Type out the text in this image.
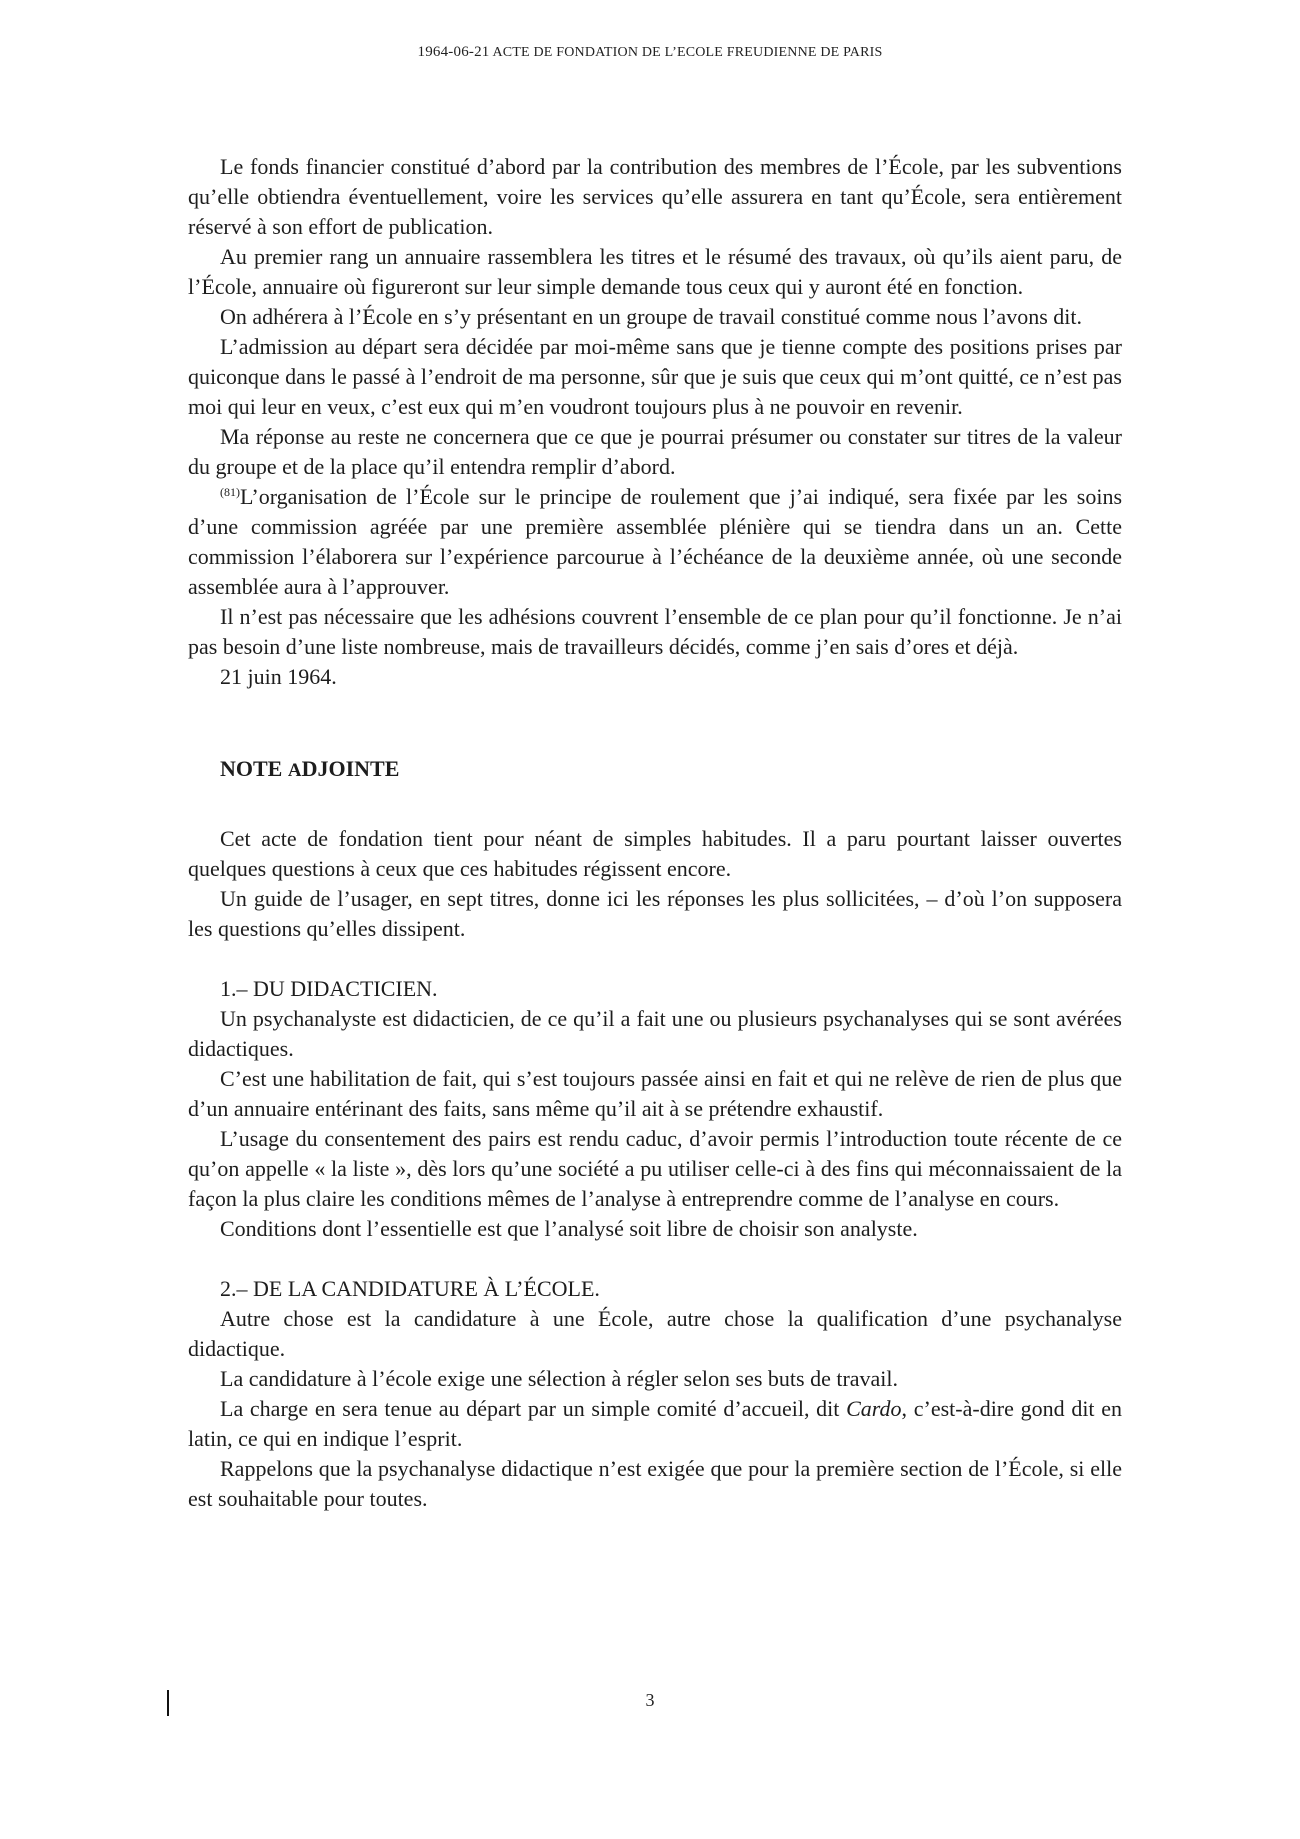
1964-06-21 ACTE DE FONDATION DE L’ECOLE FREUDIENNE DE PARIS

Le fonds financier constitué d’abord par la contribution des membres de l’École, par les subventions qu’elle obtiendra éventuellement, voire les services qu’elle assurera en tant qu’École, sera entièrement réservé à son effort de publication.

Au premier rang un annuaire rassemblera les titres et le résumé des travaux, où qu’ils aient paru, de l’École, annuaire où figureront sur leur simple demande tous ceux qui y auront été en fonction.

On adhérera à l’École en s’y présentant en un groupe de travail constitué comme nous l’avons dit.

L’admission au départ sera décidée par moi-même sans que je tienne compte des positions prises par quiconque dans le passé à l’endroit de ma personne, sûr que je suis que ceux qui m’ont quitté, ce n’est pas moi qui leur en veux, c’est eux qui m’en voudront toujours plus à ne pouvoir en revenir.

Ma réponse au reste ne concernera que ce que je pourrai présumer ou constater sur titres de la valeur du groupe et de la place qu’il entendra remplir d’abord.

$^{(81)}$L’organisation de l’École sur le principe de roulement que j’ai indiqué, sera fixée par les soins d’une commission agréée par une première assemblée plénière qui se tiendra dans un an. Cette commission l’élaborera sur l’expérience parcourue à l’échéance de la deuxième année, où une seconde assemblée aura à l’approuver.

Il n’est pas nécessaire que les adhésions couvrent l’ensemble de ce plan pour qu’il fonctionne. Je n’ai pas besoin d’une liste nombreuse, mais de travailleurs décidés, comme j’en sais d’ores et déjà.

21 juin 1964.

NOTE ADJOINTE

Cet acte de fondation tient pour néant de simples habitudes. Il a paru pourtant laisser ouvertes quelques questions à ceux que ces habitudes régissent encore.

Un guide de l’usager, en sept titres, donne ici les réponses les plus sollicitées, – d’où l’on supposera les questions qu’elles dissipent.

1.– DU DIDACTICIEN.

Un psychanalyste est didacticien, de ce qu’il a fait une ou plusieurs psychanalyses qui se sont avérées didactiques.

C’est une habilitation de fait, qui s’est toujours passée ainsi en fait et qui ne relève de rien de plus que d’un annuaire entérinant des faits, sans même qu’il ait à se prétendre exhaustif.

L’usage du consentement des pairs est rendu caduc, d’avoir permis l’introduction toute récente de ce qu’on appelle « la liste », dès lors qu’une société a pu utiliser celle-ci à des fins qui méconnaissaient de la façon la plus claire les conditions mêmes de l’analyse à entreprendre comme de l’analyse en cours.

Conditions dont l’essentielle est que l’analysé soit libre de choisir son analyste.

2.– DE LA CANDIDATURE À L’ÉCOLE.

Autre chose est la candidature à une École, autre chose la qualification d’une psychanalyse didactique.

La candidature à l’école exige une sélection à régler selon ses buts de travail.

La charge en sera tenue au départ par un simple comité d’accueil, dit Cardo, c’est-à-dire gond dit en latin, ce qui en indique l’esprit.

Rappelons que la psychanalyse didactique n’est exigée que pour la première section de l’École, si elle est souhaitable pour toutes.

3
